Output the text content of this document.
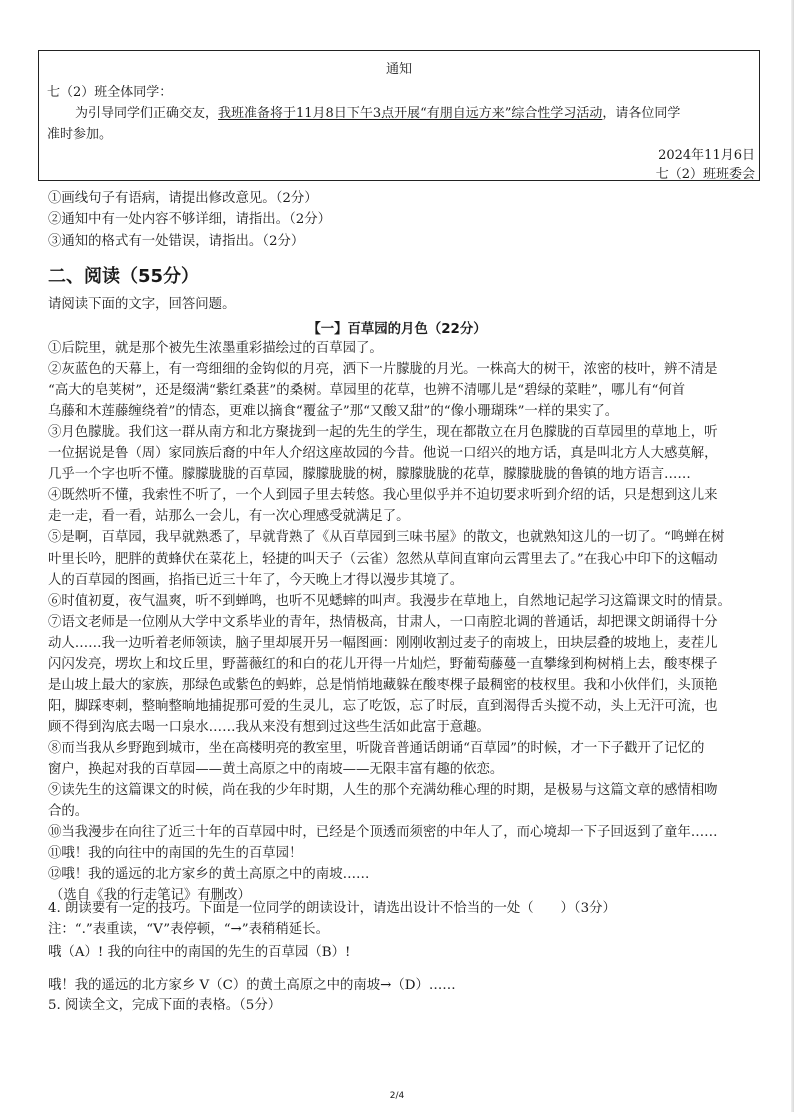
通知
七（2）班全体同学：
为引导同学们正确交友，我班准备将于11月8日下午3点开展“有朋自远方来”综合性学习活动，请各位同学
准时参加。
2024年11月6日
七（2）班班委会
①画线句子有语病，请提出修改意见。（2分）
②通知中有一处内容不够详细，请指出。（2分）
③通知的格式有一处错误，请指出。（2分）
二、阅读（55分）
请阅读下面的文字，回答问题。
【一】百草园的月色（22分）
①后院里，就是那个被先生浓墨重彩描绘过的百草园了。
②灰蓝色的天幕上，有一弯细细的金钩似的月亮，洒下一片朦胧的月光。一株高大的树干，浓密的枝叶，辨不清是
“高大的皂荚树”，还是缀满“紫红桑葚”的桑树。草园里的花草，也辨不清哪儿是“碧绿的菜畦”，哪儿有“何首
乌藤和木莲藤缠绕着”的情态，更难以摘食“覆盆子”那“又酸又甜”的“像小珊瑚珠”一样的果实了。
③月色朦胧。我们这一群从南方和北方聚拢到一起的先生的学生，现在都散立在月色朦胧的百草园里的草地上，听
一位据说是鲁（周）家同族后裔的中年人介绍这座故园的今昔。他说一口绍兴的地方话，真是叫北方人大感莫解，
几乎一个字也听不懂。朦朦胧胧的百草园，朦朦胧胧的树，朦朦胧胧的花草，朦朦胧胧的鲁镇的地方语言……
④既然听不懂，我索性不听了，一个人到园子里去转悠。我心里似乎并不迫切要求听到介绍的话，只是想到这儿来
走一走，看一看，站那么一会儿，有一次心理感受就满足了。
⑤是啊，百草园，我早就熟悉了，早就背熟了《从百草园到三味书屋》的散文，也就熟知这儿的一切了。“鸣蝉在树
叶里长吟，肥胖的黄蜂伏在菜花上，轻捷的叫天子（云雀）忽然从草间直窜向云霄里去了。”在我心中印下的这幅动
人的百草园的图画，掐指已近三十年了，今天晚上才得以漫步其境了。
⑥时值初夏，夜气温爽，听不到蝉鸣，也听不见蟋蟀的叫声。我漫步在草地上，自然地记起学习这篇课文时的情景。
⑦语文老师是一位刚从大学中文系毕业的青年，热情极高，甘肃人，一口南腔北调的普通话，却把课文朗诵得十分
动人……我一边听着老师领读，脑子里却展开另一幅图画：刚刚收割过麦子的南坡上，田块层叠的坡地上，麦茬儿
闪闪发亮，塄坎上和坟丘里，野蔷薇红的和白的花儿开得一片灿烂，野葡萄藤蔓一直攀缘到枸树梢上去，酸枣棵子
是山坡上最大的家族，那绿色或紫色的蚂蚱，总是悄悄地藏躲在酸枣棵子最稠密的枝杈里。我和小伙伴们，头顶艳
阳，脚踩枣刺，整晌整晌地捕捉那可爱的生灵儿，忘了吃饭，忘了时辰，直到渴得舌头搅不动，头上无汗可流，也
顾不得到沟底去喝一口泉水……我从来没有想到过这些生活如此富于意趣。
⑧而当我从乡野跑到城市，坐在高楼明亮的教室里，听陇音普通话朗诵“百草园”的时候，才一下子戳开了记忆的
窗户，换起对我的百草园——黄土高原之中的南坡——无限丰富有趣的依恋。
⑨读先生的这篇课文的时候，尚在我的少年时期，人生的那个充满幼稚心理的时期，是极易与这篇文章的感情相吻
合的。
⑩当我漫步在向往了近三十年的百草园中时，已经是个顶透而须密的中年人了，而心境却一下子回返到了童年……
⑪哦！我的向往中的南国的先生的百草园！
⑫哦！我的遥远的北方家乡的黄土高原之中的南坡……
（选自《我的行走笔记》有删改）
4. 朗读要有一定的技巧。下面是一位同学的朗读设计，请选出设计不恰当的一处（　　）（3分）
注：“.”表重读，“V”表停顿，“→”表稍稍延长。
哦（A）! 我的向往中的南国的先生的百草园（B）!
哦！我的遥远的北方家乡 V（C）的黄土高原之中的南坡→（D）……
5. 阅读全文，完成下面的表格。（5分）
2/4
